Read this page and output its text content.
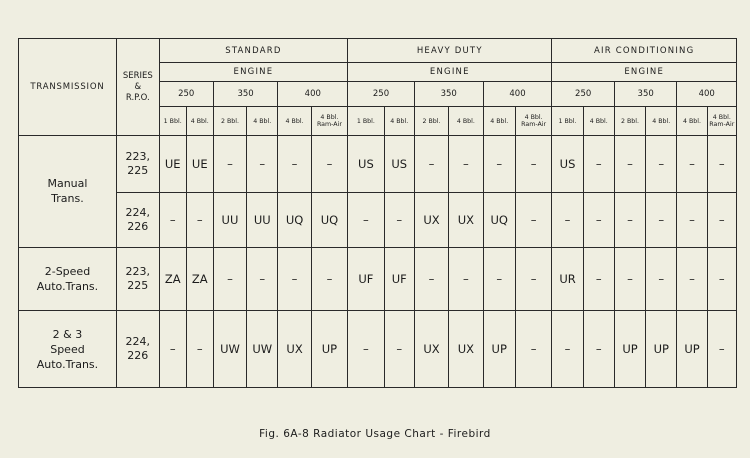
TRANSMISSION	SERIES
&
R.P.O.	STANDARD						HEAVY DUTY						AIR CONDITIONING					
		ENGINE						ENGINE						ENGINE					
		250		350		400		250		350		400		250		350		400	
		1 Bbl.	4 Bbl.	2 Bbl.	4 Bbl.	4 Bbl.	4 Bbl. Ram-Air	1 Bbl.	4 Bbl.	2 Bbl.	4 Bbl.	4 Bbl.	4 Bbl. Ram-Air	1 Bbl.	4 Bbl.	2 Bbl.	4 Bbl.	4 Bbl.	4 Bbl. Ram-Air

Manual
Trans.	223, 225	UE	UE	–	–	–	–	US	US	–	–	–	–	US	–	–	–	–	–
	224, 226	–	–	UU	UU	UQ	UQ	–	–	UX	UX	UQ	–	–	–	–	–	–	–

2-Speed
Auto.Trans.	223, 225	ZA	ZA	–	–	–	–	UF	UF	–	–	–	–	UR	–	–	–	–	–

2 & 3
Speed
Auto.Trans.	224, 226	–	–	UW	UW	UX	UP	–	–	UX	UX	UP	–	–	–	UP	UP	UP	–
Fig. 6A-8 Radiator Usage Chart - Firebird
